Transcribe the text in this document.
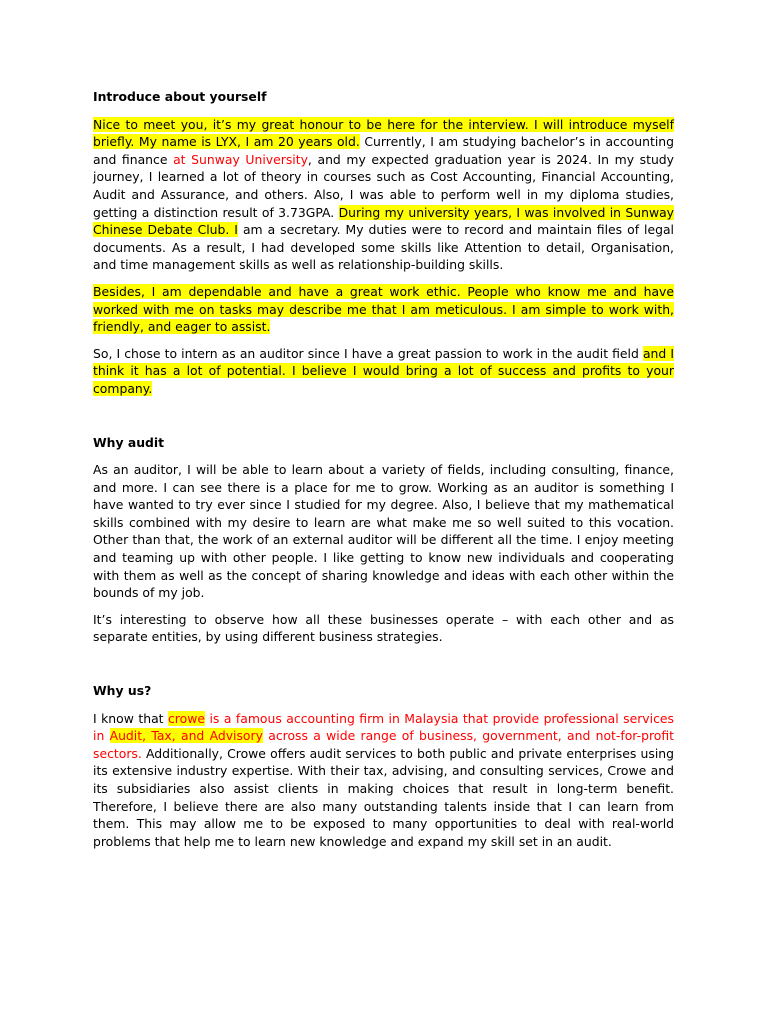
Introduce about yourself

Nice to meet you, it’s my great honour to be here for the interview. I will introduce myself briefly. My name is LYX, I am 20 years old. Currently, I am studying bachelor’s in accounting and finance at Sunway University, and my expected graduation year is 2024. In my study journey, I learned a lot of theory in courses such as Cost Accounting, Financial Accounting, Audit and Assurance, and others. Also, I was able to perform well in my diploma studies, getting a distinction result of 3.73GPA. During my university years, I was involved in Sunway Chinese Debate Club. I am a secretary. My duties were to record and maintain files of legal documents. As a result, I had developed some skills like Attention to detail, Organisation, and time management skills as well as relationship-building skills.

Besides, I am dependable and have a great work ethic. People who know me and have worked with me on tasks may describe me that I am meticulous. I am simple to work with, friendly, and eager to assist.

So, I chose to intern as an auditor since I have a great passion to work in the audit field and I think it has a lot of potential. I believe I would bring a lot of success and profits to your company.

Why audit

As an auditor, I will be able to learn about a variety of fields, including consulting, finance, and more. I can see there is a place for me to grow. Working as an auditor is something I have wanted to try ever since I studied for my degree. Also, I believe that my mathematical skills combined with my desire to learn are what make me so well suited to this vocation. Other than that, the work of an external auditor will be different all the time. I enjoy meeting and teaming up with other people. I like getting to know new individuals and cooperating with them as well as the concept of sharing knowledge and ideas with each other within the bounds of my job.

It’s interesting to observe how all these businesses operate – with each other and as separate entities, by using different business strategies.

Why us?

I know that crowe is a famous accounting firm in Malaysia that provide professional services in Audit, Tax, and Advisory across a wide range of business, government, and not-for-profit sectors. Additionally, Crowe offers audit services to both public and private enterprises using its extensive industry expertise. With their tax, advising, and consulting services, Crowe and its subsidiaries also assist clients in making choices that result in long-term benefit. Therefore, I believe there are also many outstanding talents inside that I can learn from them. This may allow me to be exposed to many opportunities to deal with real-world problems that help me to learn new knowledge and expand my skill set in an audit.
